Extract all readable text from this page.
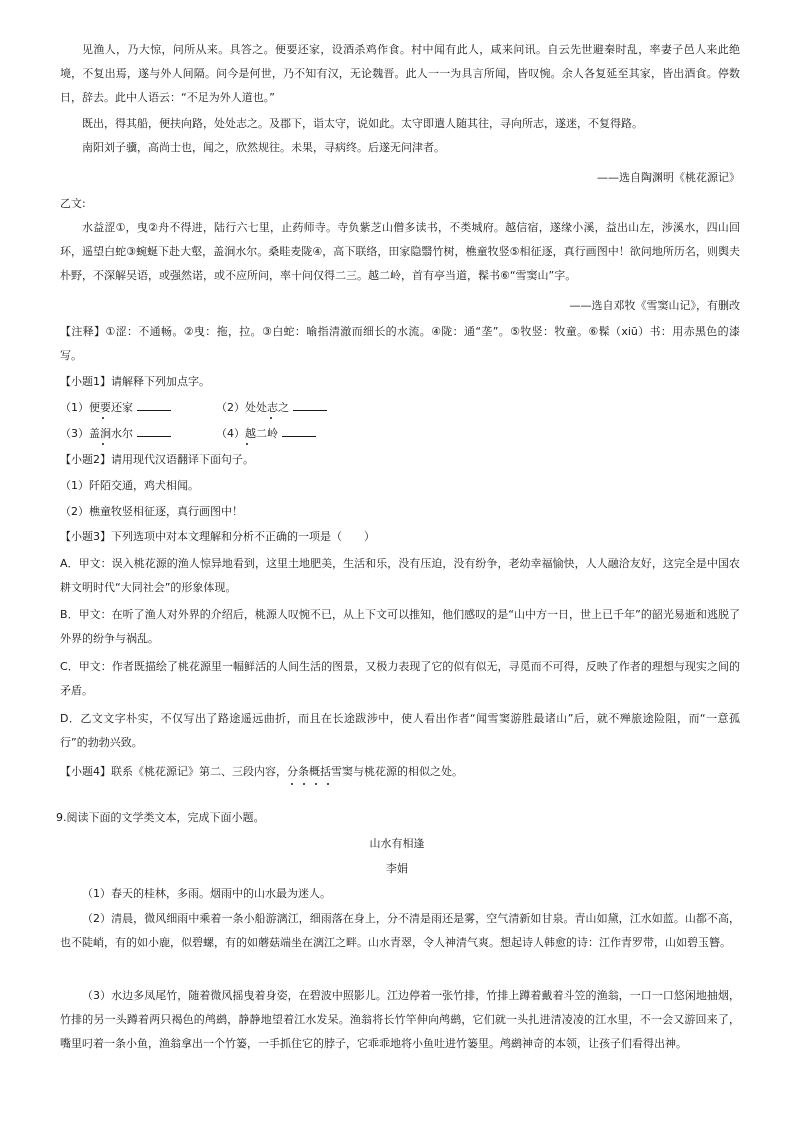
见渔人，乃大惊，问所从来。具答之。便要还家，设酒杀鸡作食。村中闻有此人，咸来问讯。自云先世避秦时乱，率妻子邑人来此绝境，不复出焉，遂与外人间隔。问今是何世，乃不知有汉，无论魏晋。此人一一为具言所闻，皆叹惋。余人各复延至其家，皆出酒食。停数日，辞去。此中人语云：“不足为外人道也。”

既出，得其船，便扶向路，处处志之。及郡下，诣太守，说如此。太守即遣人随其往，寻向所志，遂迷，不复得路。

南阳刘子骥，高尚士也，闻之，欣然规往。未果，寻病终。后遂无问津者。

——选自陶渊明《桃花源记》
乙文:

水益涩①，曳②舟不得进，陆行六七里，止药师寺。寺负紫芝山僧多读书，不类城府。越信宿，遂缘小溪，益出山左，涉溪水，四山回环，遥望白蛇③蜿蜒下赴大壑，盖涧水尔。桑畦麦陇④，高下联络，田家隐翳竹树，樵童牧竖⑤相征逐，真行画图中！欲问地所历名，则舆夫朴野，不深解吴语，或强然诺，或不应所问，率十问仅得二三。越二岭，首有亭当道，髹书⑥“雪窦山”字。

——选自邓牧《雪窦山记》，有删改

【注释】①涩：不通畅。②曳：拖，拉。③白蛇：喻指清澈而细长的水流。④陇：通“垄”。⑤牧竖：牧童。⑥髹（xiū）书：用赤黑色的漆写。

【小题1】请解释下列加点字。
（1）便要还家	（2）处处志之
（3）盖涧水尔	（4）越二岭
【小题2】请用现代汉语翻译下面句子。
（1）阡陌交通，鸡犬相闻。
（2）樵童牧竖相征逐，真行画图中！
【小题3】下列选项中对本文理解和分析不正确的一项是（　　）

A．甲文：误入桃花源的渔人惊异地看到，这里土地肥美，生活和乐，没有压迫，没有纷争，老幼幸福愉快，人人融洽友好，这完全是中国农耕文明时代“大同社会”的形象体现。

B．甲文：在听了渔人对外界的介绍后，桃源人叹惋不已，从上下文可以推知，他们感叹的是“山中方一日，世上已千年”的韶光易逝和逃脱了外界的纷争与祸乱。

C．甲文：作者既描绘了桃花源里一幅鲜活的人间生活的图景，又极力表现了它的似有似无，寻觅而不可得，反映了作者的理想与现实之间的矛盾。

D．乙文文字朴实，不仅写出了路途遥远曲折，而且在长途跋涉中，使人看出作者“闻雪窦游胜最诸山”后，就不殚旅途险阻，而“一意孤行”的勃勃兴致。

【小题4】联系《桃花源记》第二、三段内容，分条概括雪窦与桃花源的相似之处。
9.阅读下面的文学类文本，完成下面小题。
山水有相逢
李娟

（1）春天的桂林，多雨。烟雨中的山水最为迷人。

（2）清晨，微风细雨中乘着一条小船游漓江，细雨落在身上，分不清是雨还是雾，空气清新如甘泉。青山如黛，江水如蓝。山都不高，也不陡峭，有的如小鹿，似碧螺，有的如蘑菇端坐在漓江之畔。山水青翠，令人神清气爽。想起诗人韩愈的诗：江作青罗带，山如碧玉簪。

（3）水边多凤尾竹，随着微风摇曳着身姿，在碧波中照影儿。江边停着一张竹排，竹排上蹲着戴着斗笠的渔翁，一口一口悠闲地抽烟，竹排的另一头蹲着两只褐色的鸬鹚，静静地望着江水发呆。渔翁将长竹竿伸向鸬鹚，它们就一头扎进清凌凌的江水里，不一会又游回来了，嘴里叼着一条小鱼，渔翁拿出一个竹篓，一手抓住它的脖子，它乖乖地将小鱼吐进竹篓里。鸬鹚神奇的本领，让孩子们看得出神。
